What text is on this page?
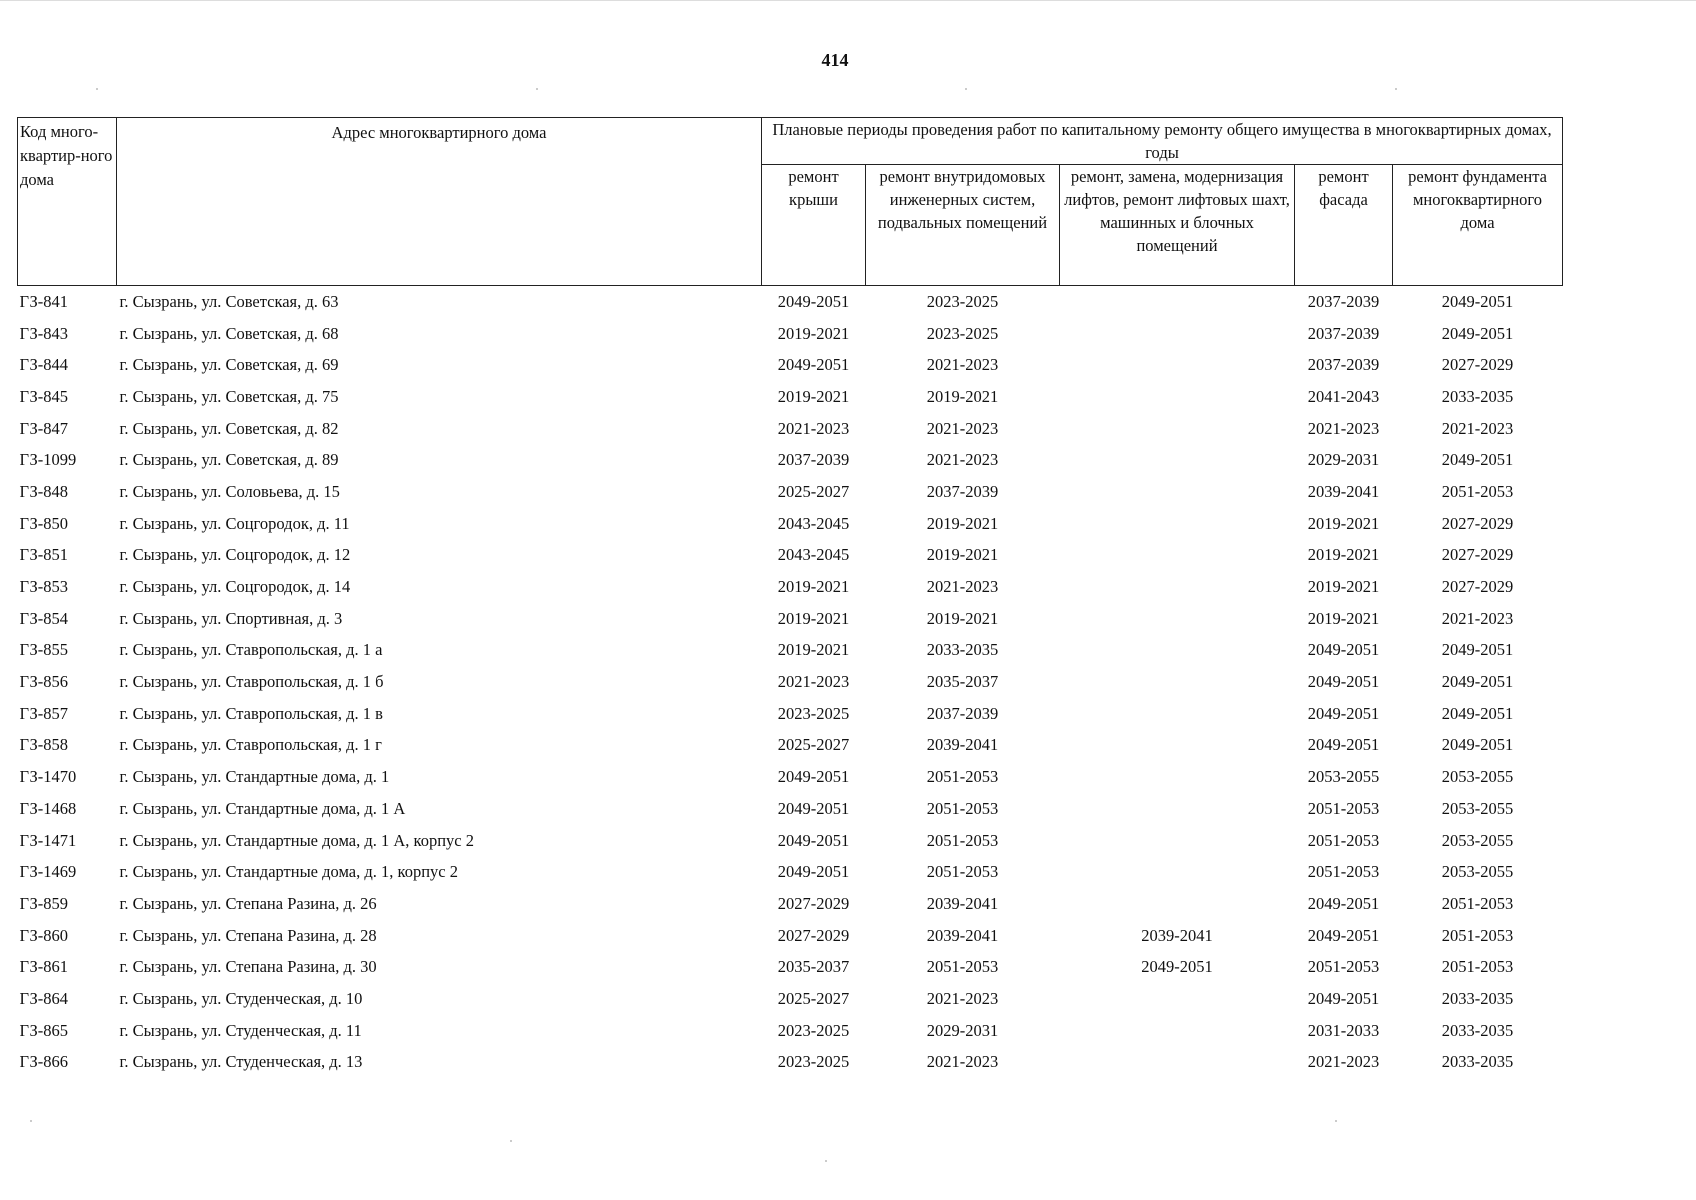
414
Код много-квартир-ного дома	Адрес многоквартирного дома	Плановые периоды проведения работ по капитальному ремонту общего имущества в многоквартирных домах, годы				
		ремонт крыши	ремонт внутридомовых инженерных систем, подвальных помещений	ремонт, замена, модернизация лифтов, ремонт лифтовых шахт, машинных и блочных помещений	ремонт фасада	ремонт фундамента многоквартирного дома
ГЗ-841	г. Сызрань, ул. Советская, д. 63	2049-2051	2023-2025		2037-2039	2049-2051
ГЗ-843	г. Сызрань, ул. Советская, д. 68	2019-2021	2023-2025		2037-2039	2049-2051
ГЗ-844	г. Сызрань, ул. Советская, д. 69	2049-2051	2021-2023		2037-2039	2027-2029
ГЗ-845	г. Сызрань, ул. Советская, д. 75	2019-2021	2019-2021		2041-2043	2033-2035
ГЗ-847	г. Сызрань, ул. Советская, д. 82	2021-2023	2021-2023		2021-2023	2021-2023
ГЗ-1099	г. Сызрань, ул. Советская, д. 89	2037-2039	2021-2023		2029-2031	2049-2051
ГЗ-848	г. Сызрань, ул. Соловьева, д. 15	2025-2027	2037-2039		2039-2041	2051-2053
ГЗ-850	г. Сызрань, ул. Соцгородок, д. 11	2043-2045	2019-2021		2019-2021	2027-2029
ГЗ-851	г. Сызрань, ул. Соцгородок, д. 12	2043-2045	2019-2021		2019-2021	2027-2029
ГЗ-853	г. Сызрань, ул. Соцгородок, д. 14	2019-2021	2021-2023		2019-2021	2027-2029
ГЗ-854	г. Сызрань, ул. Спортивная, д. 3	2019-2021	2019-2021		2019-2021	2021-2023
ГЗ-855	г. Сызрань, ул. Ставропольская, д. 1 а	2019-2021	2033-2035		2049-2051	2049-2051
ГЗ-856	г. Сызрань, ул. Ставропольская, д. 1 б	2021-2023	2035-2037		2049-2051	2049-2051
ГЗ-857	г. Сызрань, ул. Ставропольская, д. 1 в	2023-2025	2037-2039		2049-2051	2049-2051
ГЗ-858	г. Сызрань, ул. Ставропольская, д. 1 г	2025-2027	2039-2041		2049-2051	2049-2051
ГЗ-1470	г. Сызрань, ул. Стандартные дома, д. 1	2049-2051	2051-2053		2053-2055	2053-2055
ГЗ-1468	г. Сызрань, ул. Стандартные дома, д. 1 А	2049-2051	2051-2053		2051-2053	2053-2055
ГЗ-1471	г. Сызрань, ул. Стандартные дома, д. 1 А, корпус 2	2049-2051	2051-2053		2051-2053	2053-2055
ГЗ-1469	г. Сызрань, ул. Стандартные дома, д. 1, корпус 2	2049-2051	2051-2053		2051-2053	2053-2055
ГЗ-859	г. Сызрань, ул. Степана Разина, д. 26	2027-2029	2039-2041		2049-2051	2051-2053
ГЗ-860	г. Сызрань, ул. Степана Разина, д. 28	2027-2029	2039-2041	2039-2041	2049-2051	2051-2053
ГЗ-861	г. Сызрань, ул. Степана Разина, д. 30	2035-2037	2051-2053	2049-2051	2051-2053	2051-2053
ГЗ-864	г. Сызрань, ул. Студенческая, д. 10	2025-2027	2021-2023		2049-2051	2033-2035
ГЗ-865	г. Сызрань, ул. Студенческая, д. 11	2023-2025	2029-2031		2031-2033	2033-2035
ГЗ-866	г. Сызрань, ул. Студенческая, д. 13	2023-2025	2021-2023		2021-2023	2033-2035
